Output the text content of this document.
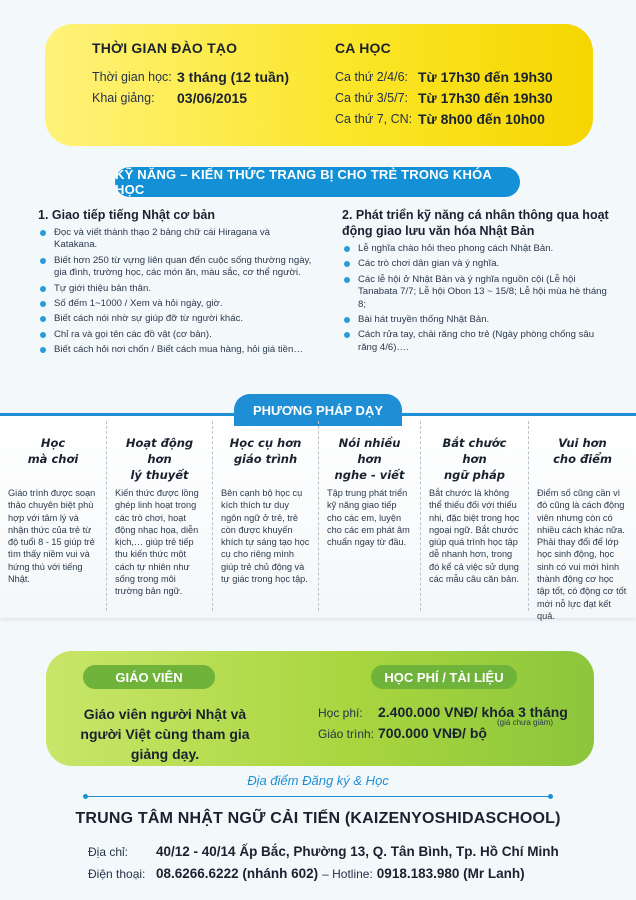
THỜI GIAN ĐÀO TẠO
Thời gian học: 3 tháng (12 tuần)
Khai giảng:	03/06/2015
CA HỌC
Ca thứ 2/4/6: Từ 17h30 đến 19h30
Ca thứ 3/5/7: Từ 17h30 đến 19h30
Ca thứ 7, CN: Từ 8h00 đến 10h00
KỸ NĂNG – KIẾN THỨC TRANG BỊ CHO TRẺ TRONG KHÓA HỌC
1. Giao tiếp tiếng Nhật cơ bản
Đọc và viết thành thạo 2 bảng chữ cái Hiragana và Katakana.
Biết hơn 250 từ vựng liên quan đến cuộc sống thường ngày, gia đình, trường học, các món ăn, màu sắc, cơ thể người.
Tự giới thiệu bản thân.
Số đếm 1~1000 / Xem và hỏi ngày, giờ.
Biết cách nói nhờ sự giúp đỡ từ người khác.
Chỉ ra và gọi tên các đồ vật (cơ bản).
Biết cách hỏi nơi chốn / Biết cách mua hàng, hỏi giá tiền…
2. Phát triển kỹ năng cá nhân thông qua hoạt động giao lưu văn hóa Nhật Bản
Lễ nghĩa chào hỏi theo phong cách Nhật Bản.
Các trò chơi dân gian và ý nghĩa.
Các lễ hội ở Nhật Bản và ý nghĩa nguồn cội (Lễ hội Tanabata 7/7; Lễ hội Obon 13 ~ 15/8; Lễ hội mùa hè tháng 8;
Bài hát truyền thống Nhật Bản.
Cách rửa tay, chải răng cho trẻ (Ngày phòng chống sâu răng 4/6)….
PHƯƠNG PHÁP DẠY
Học
mà chơi
Giáo trình được soạn thảo chuyên biệt phù hợp với tâm lý và nhận thức của trẻ từ độ tuổi 8 - 15 giúp trẻ tìm thấy niềm vui và hứng thú với tiếng Nhật.
Hoạt động hơn
lý thuyết
Kiến thức được lồng ghép linh hoạt trong các trò chơi, hoạt động nhạc họa, diễn kịch,… giúp trẻ tiếp thu kiến thức một cách tự nhiên như sống trong môi trường bản ngữ.
Học cụ hơn
giáo trình
Bên cạnh bộ học cụ kích thích tư duy ngôn ngữ ở trẻ, trẻ còn được khuyến khích tự sáng tạo học cụ cho riêng mình giúp trẻ chủ động và tự giác trong học tập.
Nói nhiều hơn
nghe - viết
Tập trung phát triển kỹ năng giao tiếp cho các em, luyện cho các em phát âm chuẩn ngay từ đầu.
Bắt chước hơn
ngữ pháp
Bắt chước là không thể thiếu đối với thiếu nhi, đặc biệt trong học ngoại ngữ. Bắt chước giúp quá trình học tập dễ nhanh hơn, trong đó kể cả việc sử dụng các mẫu câu căn bản.
Vui hơn
cho điểm
Điểm số cũng cần vì đó cũng là cách động viên nhưng còn có nhiều cách khác nữa. Phải thay đổi để lớp học sinh động, học sinh có vui mới hình thành động cơ học tập tốt, có động cơ tốt mới nỗ lực đạt kết quả.
GIÁO VIÊN
Giáo viên người Nhật và người Việt cùng tham gia giảng dạy.
HỌC PHÍ / TÀI LIỆU
Học phí:	2.400.000 VNĐ/ khóa 3 tháng
(giá chưa giảm)
Giáo trình: 700.000 VNĐ/ bộ
Địa điểm Đăng ký & Học
TRUNG TÂM NHẬT NGỮ CẢI TIẾN (KAIZENYOSHIDASCHOOL)
Địa chỉ:	40/12 - 40/14 Ấp Bắc, Phường 13, Q. Tân Bình, Tp. Hồ Chí Minh
Điện thoại: 08.6266.6222 (nhánh 602) – Hotline: 0918.183.980 (Mr Lanh)
